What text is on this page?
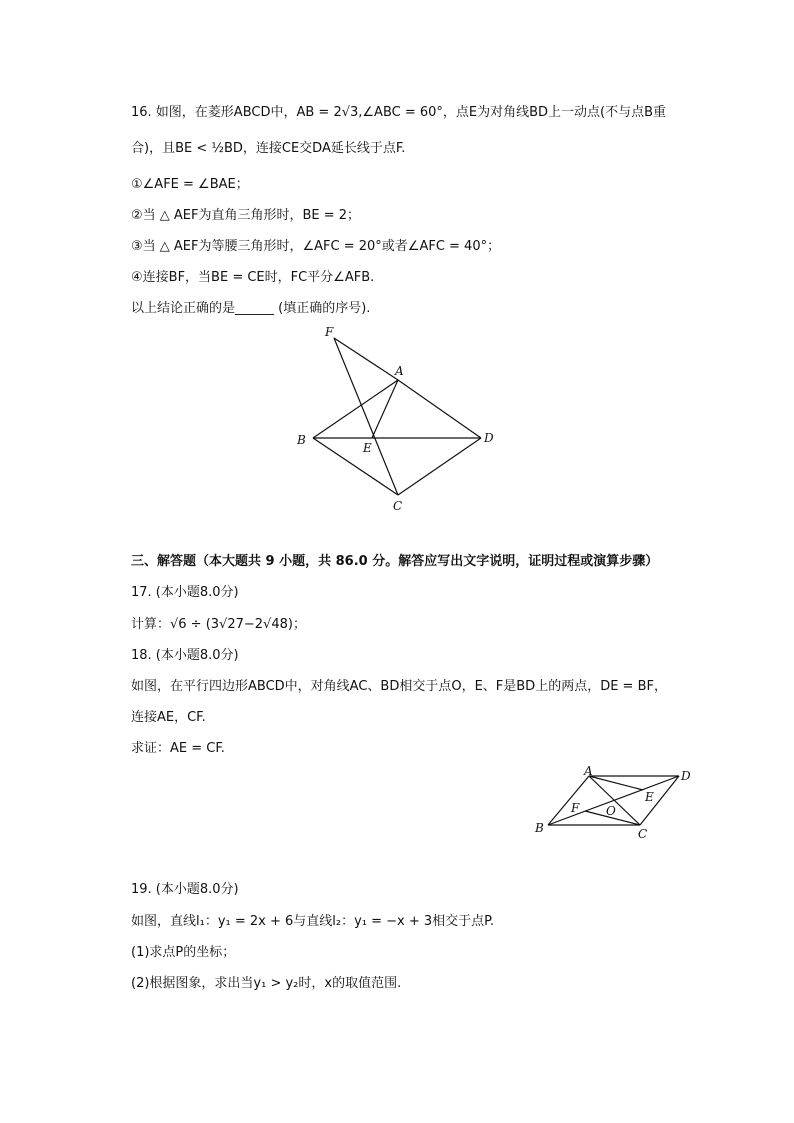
16. 如图，在菱形ABCD中，AB = 2√3,∠ABC = 60°，点E为对角线BD上一动点(不与点B重
合)，且BE < ½BD，连接CE交DA延长线于点F.
①∠AFE = ∠BAE；
②当 △ AEF为直角三角形时，BE = 2；
③当 △ AEF为等腰三角形时，∠AFC = 20°或者∠AFC = 40°；
④连接BF，当BE = CE时，FC平分∠AFB.
以上结论正确的是______ (填正确的序号).
F
A
B
E
D
C
三、解答题（本大题共 9 小题，共 86.0 分。解答应写出文字说明，证明过程或演算步骤）
17. (本小题8.0分)
计算：√6 ÷ (3√27−2√48)；
18. (本小题8.0分)
如图，在平行四边形ABCD中，对角线AC、BD相交于点O，E、F是BD上的两点，DE = BF，
连接AE，CF.
求证：AE = CF.
A	D
F
E
O
B	C
19. (本小题8.0分)
如图，直线l₁：y₁ = 2x + 6与直线l₂：y₁ = −x + 3相交于点P.
(1)求点P的坐标；
(2)根据图象，求出当y₁ > y₂时，x的取值范围.
